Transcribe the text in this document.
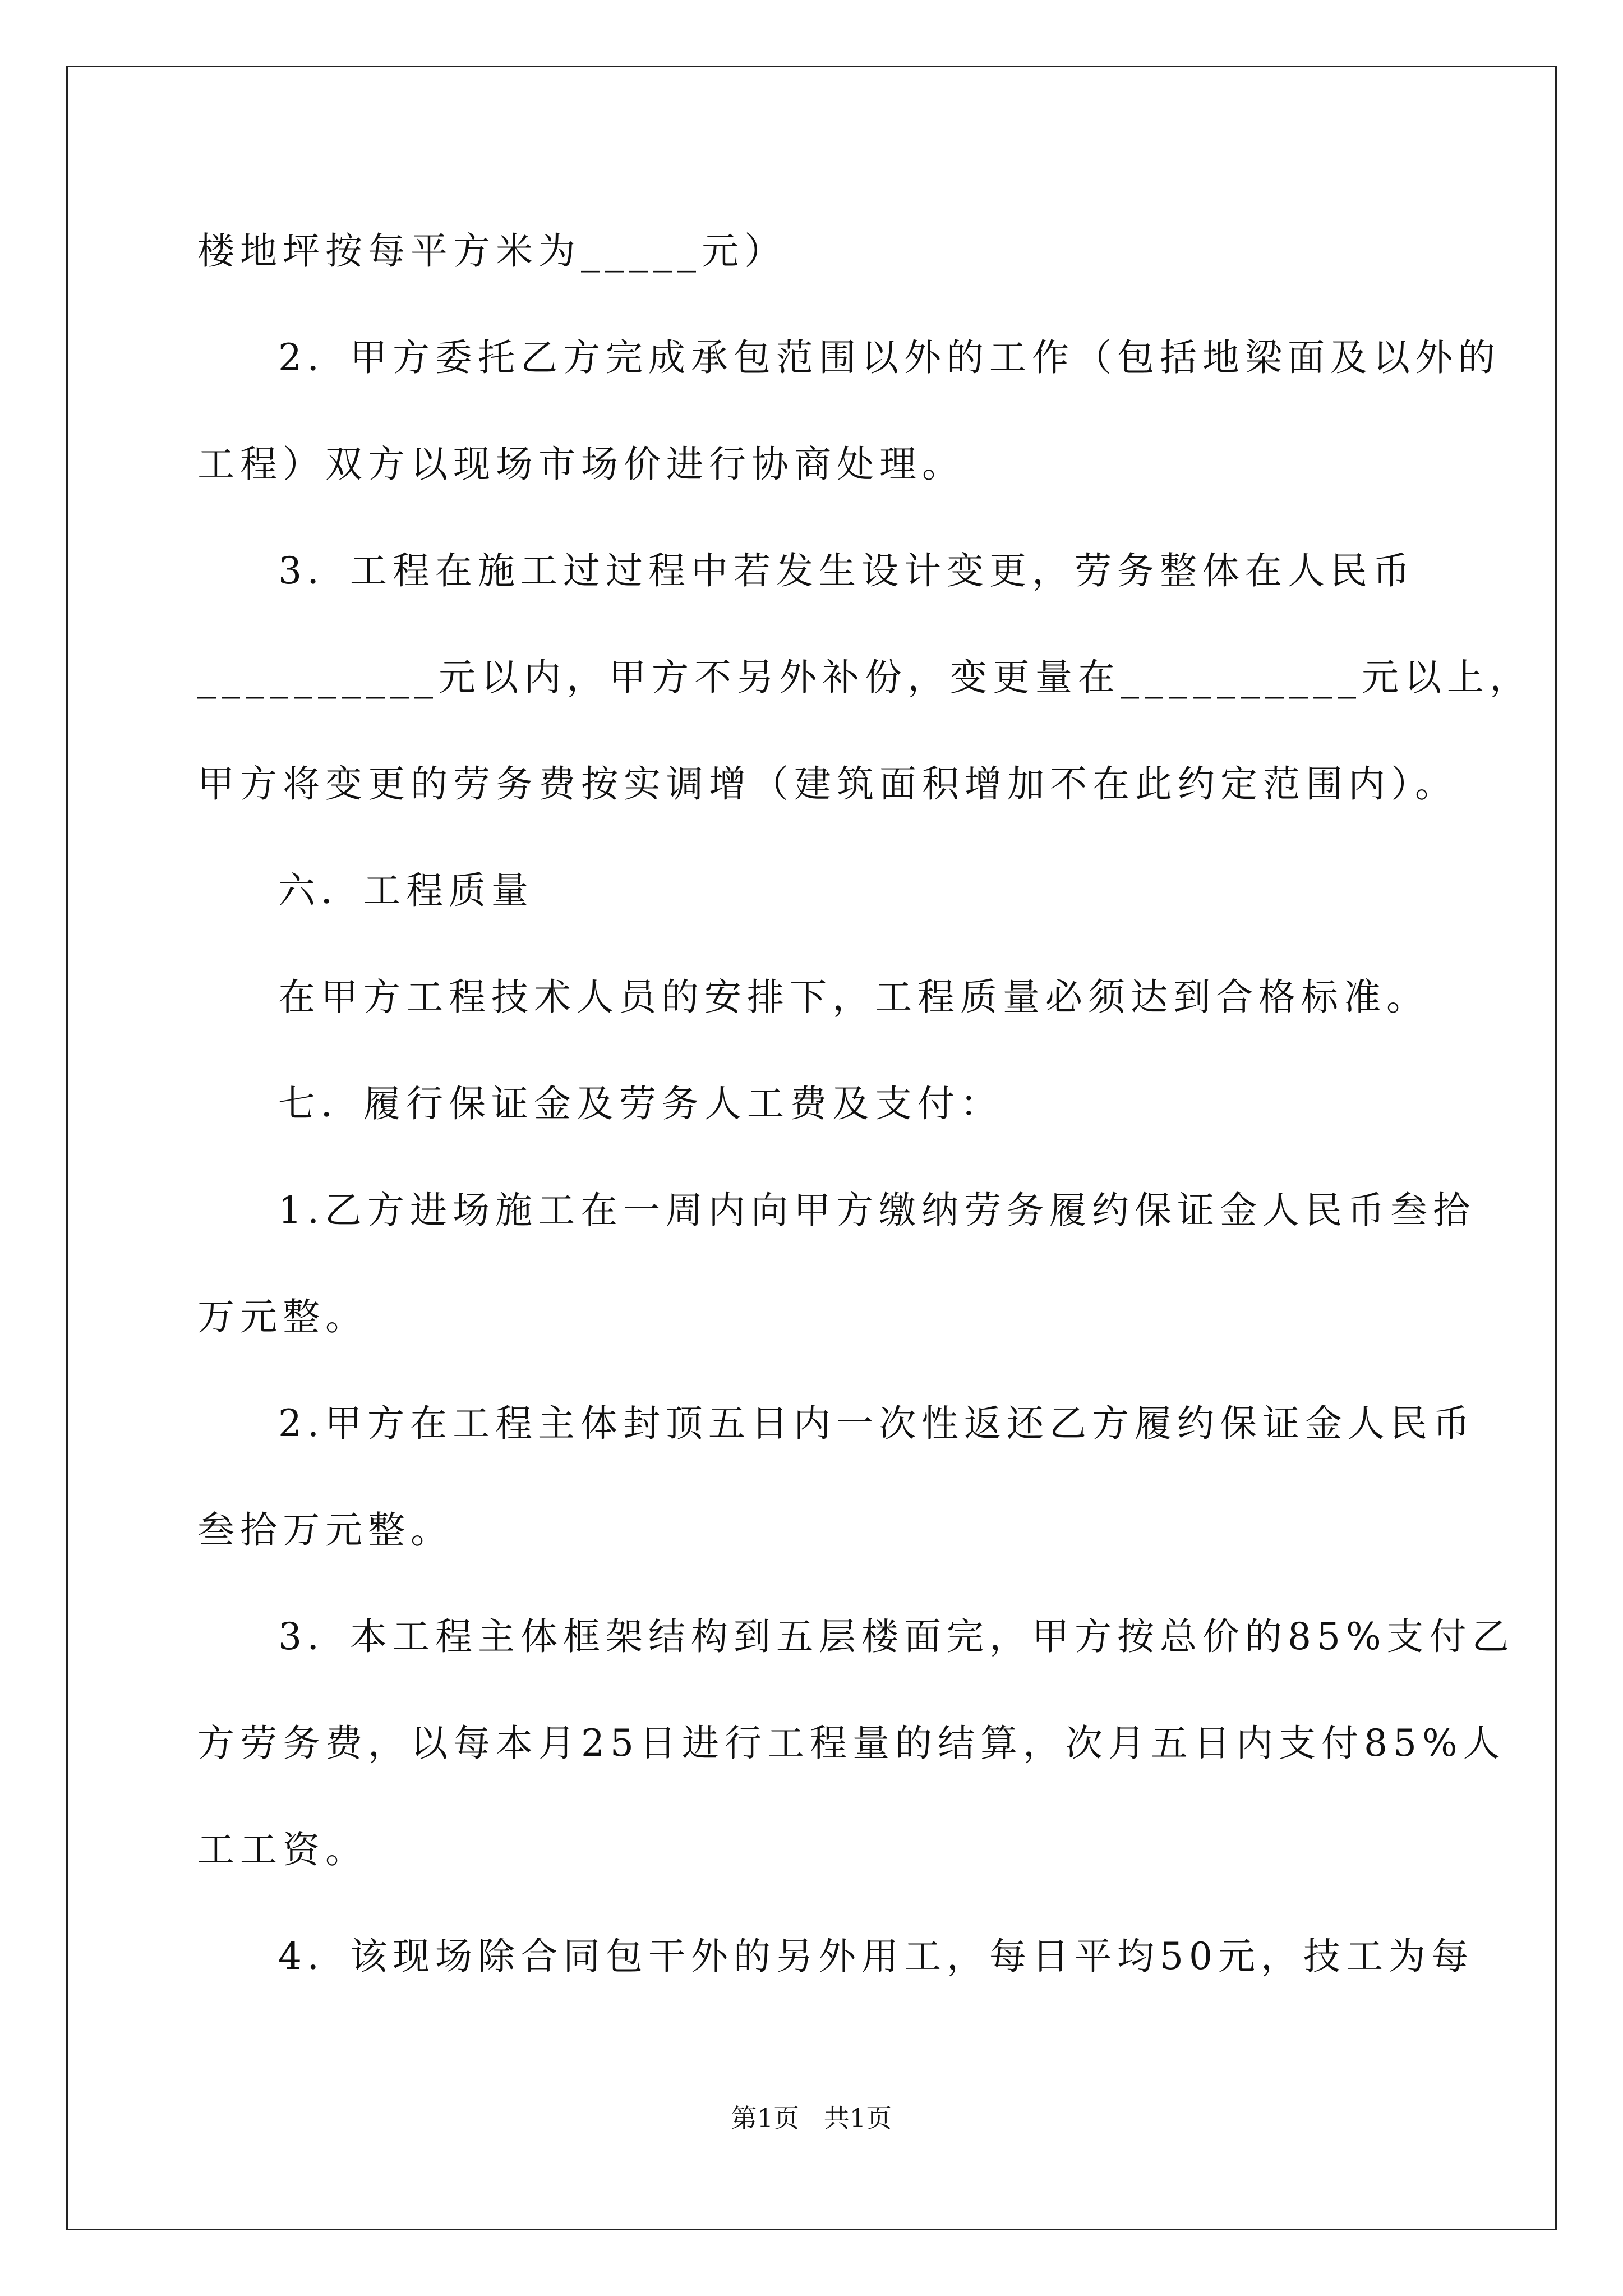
楼地坪按每平方米为_____元）
2．甲方委托乙方完成承包范围以外的工作（包括地梁面及以外的
工程）双方以现场市场价进行协商处理。
3．工程在施工过过程中若发生设计变更，劳务整体在人民币
__________元以内，甲方不另外补份，变更量在__________元以上，
甲方将变更的劳务费按实调增（建筑面积增加不在此约定范围内）。
六．工程质量
在甲方工程技术人员的安排下，工程质量必须达到合格标准。
七．履行保证金及劳务人工费及支付：
1.乙方进场施工在一周内向甲方缴纳劳务履约保证金人民币叁拾
万元整。
2.甲方在工程主体封顶五日内一次性返还乙方履约保证金人民币
叁拾万元整。
3．本工程主体框架结构到五层楼面完，甲方按总价的85%支付乙
方劳务费，以每本月25日进行工程量的结算，次月五日内支付85%人
工工资。
4．该现场除合同包干外的另外用工，每日平均50元，技工为每
第1页   共1页
